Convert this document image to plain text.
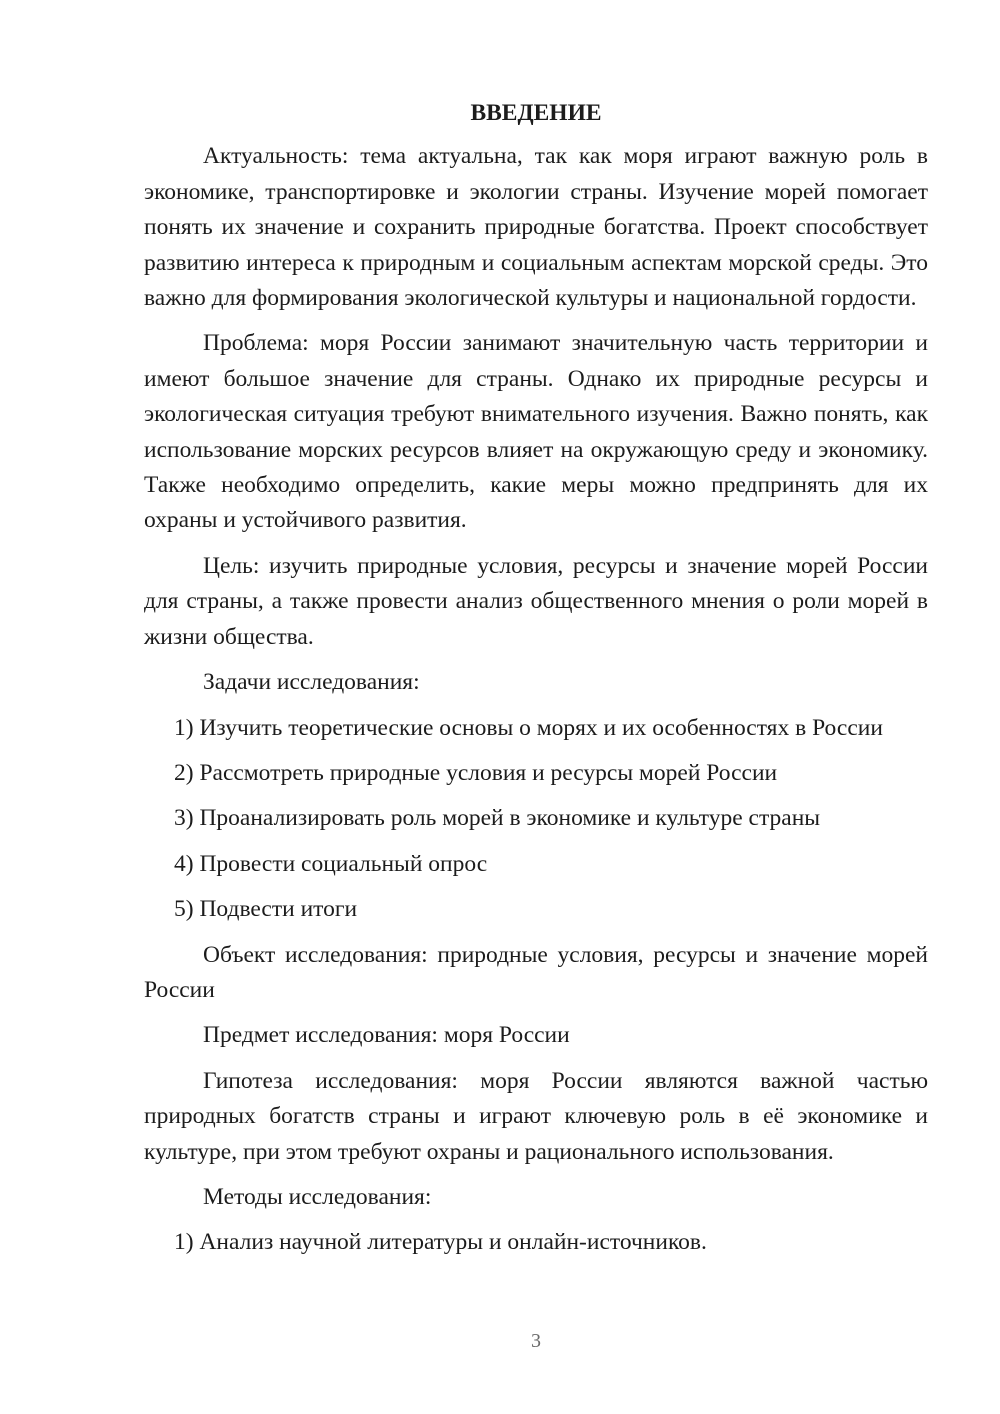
ВВЕДЕНИЕ

Актуальность: тема актуальна, так как моря играют важную роль в экономике, транспортировке и экологии страны. Изучение морей помогает понять их значение и сохранить природные богатства. Проект способствует развитию интереса к природным и социальным аспектам морской среды. Это важно для формирования экологической культуры и национальной гордости.

Проблема: моря России занимают значительную часть территории и имеют большое значение для страны. Однако их природные ресурсы и экологическая ситуация требуют внимательного изучения. Важно понять, как использование морских ресурсов влияет на окружающую среду и экономику. Также необходимо определить, какие меры можно предпринять для их охраны и устойчивого развития.

Цель: изучить природные условия, ресурсы и значение морей России для страны, а также провести анализ общественного мнения о роли морей в жизни общества.

Задачи исследования:

1) Изучить теоретические основы о морях и их особенностях в России

2) Рассмотреть природные условия и ресурсы морей России

3) Проанализировать роль морей в экономике и культуре страны

4) Провести социальный опрос

5) Подвести итоги

Объект исследования: природные условия, ресурсы и значение морей России

Предмет исследования: моря России

Гипотеза исследования: моря России являются важной частью природных богатств страны и играют ключевую роль в её экономике и культуре, при этом требуют охраны и рационального использования.

Методы исследования:

1) Анализ научной литературы и онлайн-источников.

3
